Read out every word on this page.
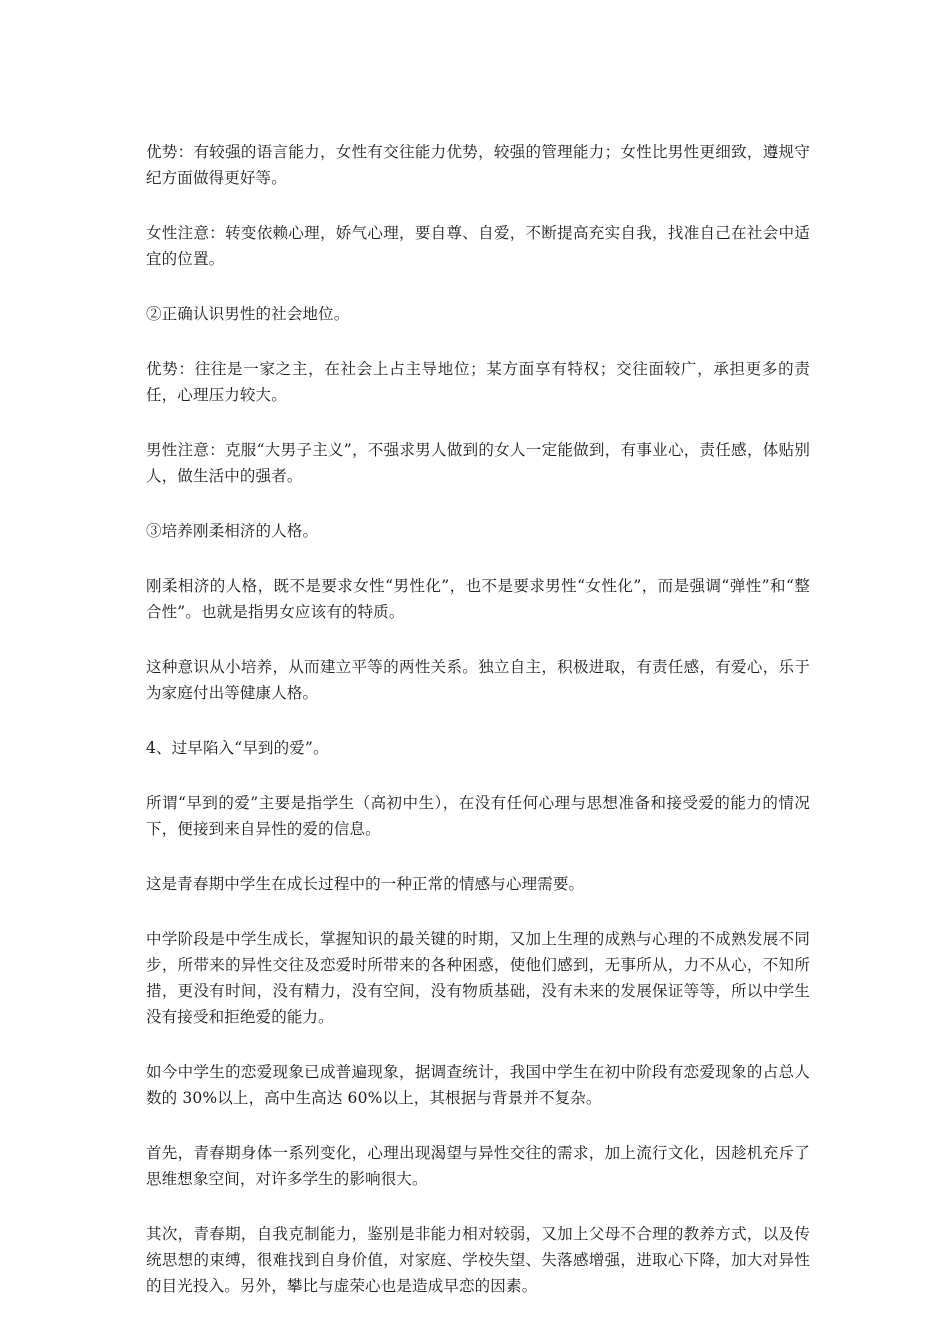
优势：有较强的语言能力，女性有交往能力优势，较强的管理能力；女性比男性更细致，遵规守纪方面做得更好等。

女性注意：转变依赖心理，娇气心理，要自尊、自爱，不断提高充实自我，找准自己在社会中适宜的位置。

②正确认识男性的社会地位。

优势：往往是一家之主，在社会上占主导地位；某方面享有特权；交往面较广，承担更多的责任，心理压力较大。

男性注意：克服“大男子主义”，不强求男人做到的女人一定能做到，有事业心，责任感，体贴别人，做生活中的强者。

③培养刚柔相济的人格。

刚柔相济的人格，既不是要求女性“男性化”，也不是要求男性“女性化”，而是强调“弹性”和“整合性”。也就是指男女应该有的特质。

这种意识从小培养，从而建立平等的两性关系。独立自主，积极进取，有责任感，有爱心，乐于为家庭付出等健康人格。

4、过早陷入“早到的爱”。

所谓“早到的爱”主要是指学生（高初中生），在没有任何心理与思想准备和接受爱的能力的情况下，便接到来自异性的爱的信息。

这是青春期中学生在成长过程中的一种正常的情感与心理需要。

中学阶段是中学生成长，掌握知识的最关键的时期，又加上生理的成熟与心理的不成熟发展不同步，所带来的异性交往及恋爱时所带来的各种困惑，使他们感到，无事所从，力不从心，不知所措，更没有时间，没有精力，没有空间，没有物质基础，没有未来的发展保证等等，所以中学生没有接受和拒绝爱的能力。

如今中学生的恋爱现象已成普遍现象，据调查统计，我国中学生在初中阶段有恋爱现象的占总人数的 30%以上，高中生高达 60%以上，其根据与背景并不复杂。

首先，青春期身体一系列变化，心理出现渴望与异性交往的需求，加上流行文化，因趁机充斥了思维想象空间，对许多学生的影响很大。

其次，青春期，自我克制能力，鉴别是非能力相对较弱，又加上父母不合理的教养方式，以及传统思想的束缚，很难找到自身价值，对家庭、学校失望、失落感增强，进取心下降，加大对异性的目光投入。另外，攀比与虚荣心也是造成早恋的因素。
